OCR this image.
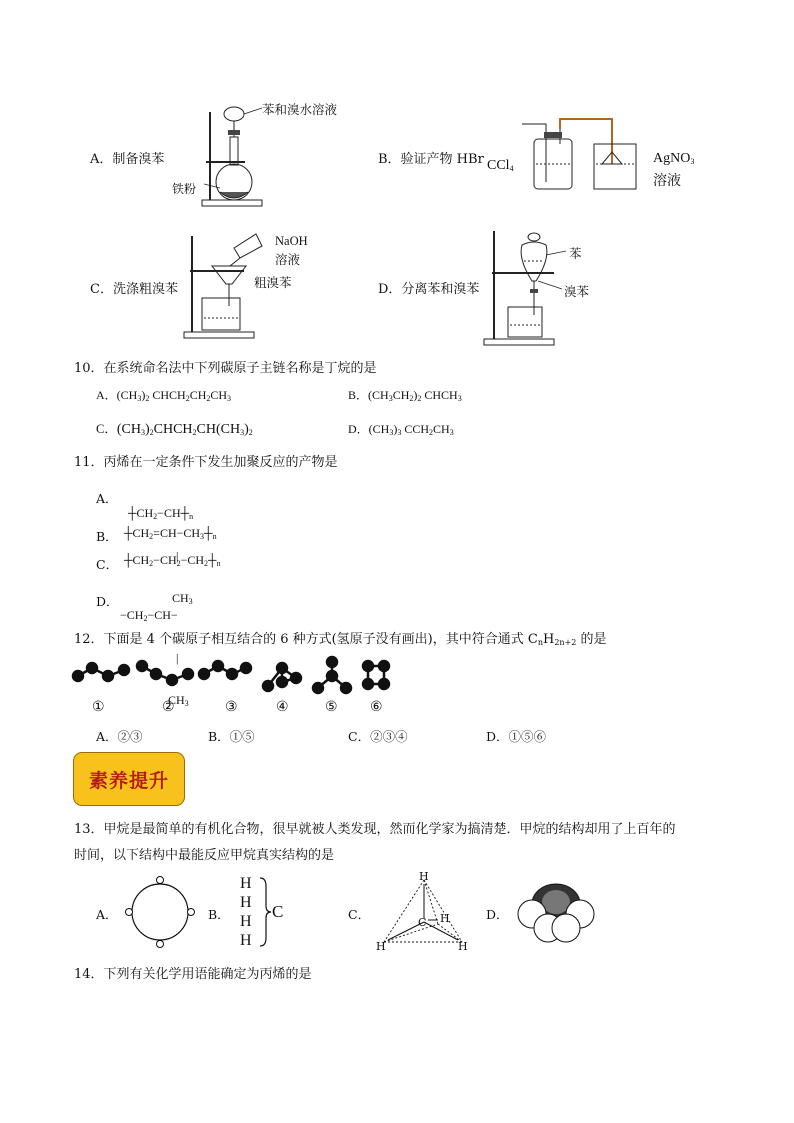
苯和溴水溶液
铁粉
A．制备溴苯	CCl$_4$
AgNO$_3$
溶液
B．验证产物 HBr
NaOH
溶液
粗溴苯
C．洗涤粗溴苯
苯
溴苯
D．分离苯和溴苯
10．在系统命名法中下列碳原子主链名称是丁烷的是
A．$(CH_3)_2$ $CHCH_2CH_2CH_3$	B．$(CH_3CH_2)_2$ $CHCH_3$
C．$(CH_3)_2CHCH_2CH(CH_3)_2$	D．$(CH_3)_3$ $CCH_2CH_3$
11．丙烯在一定条件下发生加聚反应的产物是
A．

$┼CH_2-CH┼_n$

|

$CH_3$

B． $┼CH_2=CH-CH_3┼_n$
C． $┼CH_2-CH_2-CH_2┼_n$
D．

$-CH_2-CH-$

|

$CH_3$

12．下面是 4 个碳原子相互结合的 6 种方式(氢原子没有画出)，其中符合通式 $C_nH_{2n+2}$ 的是
①	②	③	④	⑤ ⑥
A．②③	B．①⑤	C．②③④	D．①⑤⑥
素养提升
13．甲烷是最简单的有机化合物，很早就被人类发现，然而化学家为搞清楚．甲烷的结构却用了上百年的
时间，以下结构中最能反应甲烷真实结构的是
A．	B．
H
H
H
H
C	C．
H
C H
H	H
D．
14．下列有关化学用语能确定为丙烯的是
